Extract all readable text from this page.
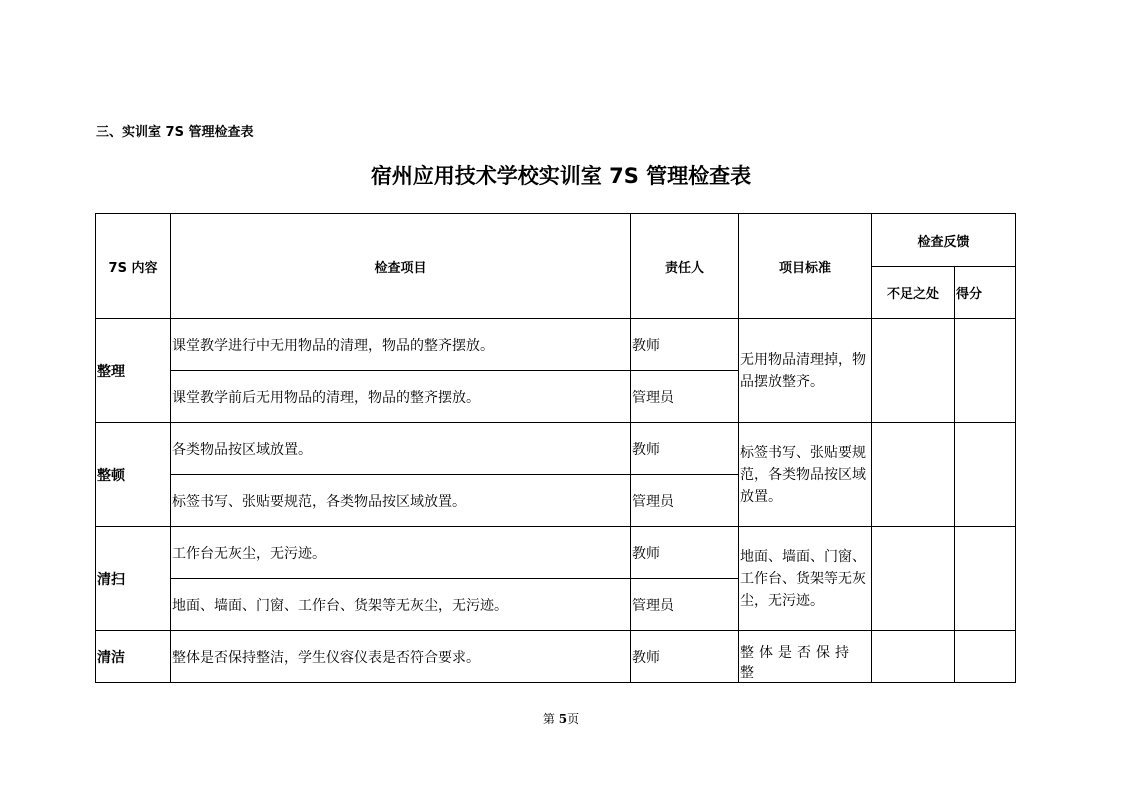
三、实训室 7S 管理检查表
宿州应用技术学校实训室 7S 管理检查表
7S 内容	检查项目	责任人	项目标准	检查反馈	
				不足之处	得分
整理	课堂教学进行中无用物品的清理，物品的整齐摆放。	教师	无用物品清理掉，物品摆放整齐。		
	课堂教学前后无用物品的清理，物品的整齐摆放。	管理员			
整顿	各类物品按区域放置。	教师	标签书写、张贴要规范，各类物品按区域放置。		
	标签书写、张贴要规范，各类物品按区域放置。	管理员			
清扫	工作台无灰尘，无污迹。	教师	地面、墙面、门窗、工作台、货架等无灰尘，无污迹。		
	地面、墙面、门窗、工作台、货架等无灰尘，无污迹。	管理员			
清洁	整体是否保持整洁，学生仪容仪表是否符合要求。	教师	整体是否保持整		
第 5页
